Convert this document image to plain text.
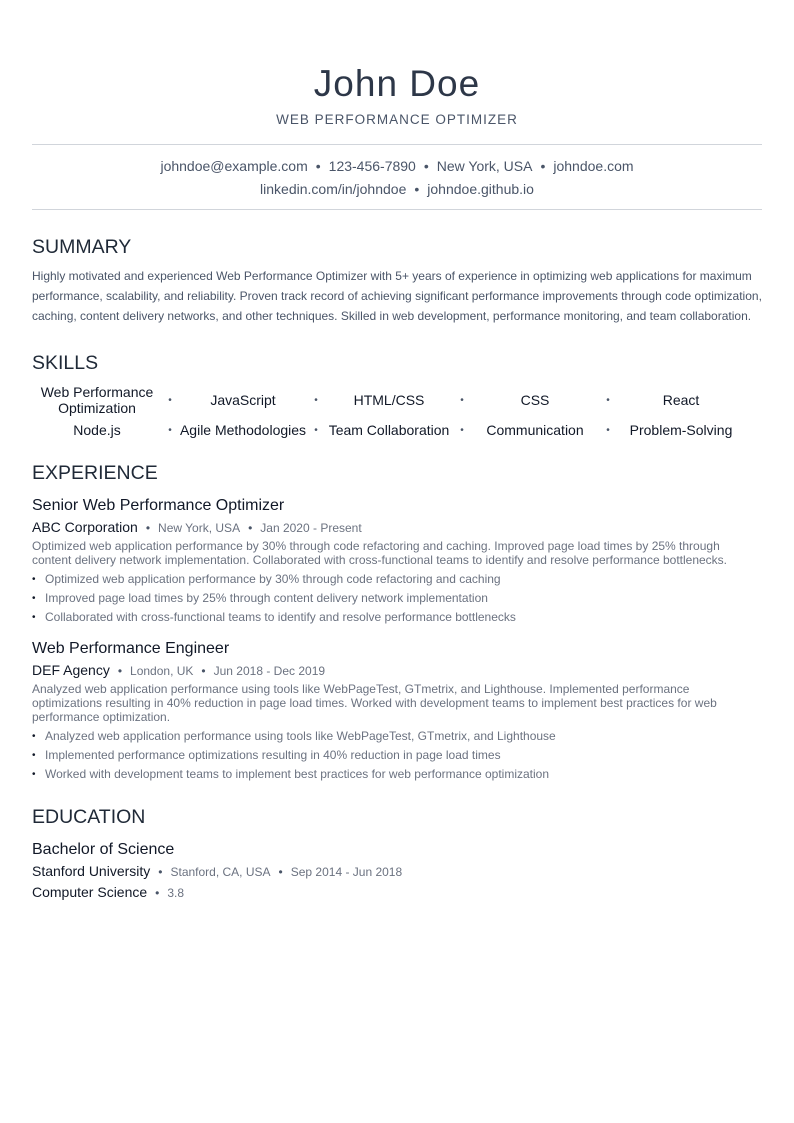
John Doe
WEB PERFORMANCE OPTIMIZER
johndoe@example.com • 123-456-7890 • New York, USA • johndoe.com
linkedin.com/in/johndoe • johndoe.github.io
SUMMARY
Highly motivated and experienced Web Performance Optimizer with 5+ years of experience in optimizing web applications for maximum performance, scalability, and reliability. Proven track record of achieving significant performance improvements through code optimization, caching, content delivery networks, and other techniques. Skilled in web development, performance monitoring, and team collaboration.
SKILLS
Web Performance Optimization	•	JavaScript	•	HTML/CSS	•	CSS	•	React
Node.js	• Agile Methodologies • Team Collaboration	•	Communication	•	Problem-Solving
EXPERIENCE
Senior Web Performance Optimizer
ABC Corporation • New York, USA • Jan 2020 - Present
Optimized web application performance by 30% through code refactoring and caching. Improved page load times by 25% through content delivery network implementation. Collaborated with cross-functional teams to identify and resolve performance bottlenecks.
• Optimized web application performance by 30% through code refactoring and caching
• Improved page load times by 25% through content delivery network implementation
• Collaborated with cross-functional teams to identify and resolve performance bottlenecks
Web Performance Engineer
DEF Agency • London, UK • Jun 2018 - Dec 2019
Analyzed web application performance using tools like WebPageTest, GTmetrix, and Lighthouse. Implemented performance optimizations resulting in 40% reduction in page load times. Worked with development teams to implement best practices for web performance optimization.
• Analyzed web application performance using tools like WebPageTest, GTmetrix, and Lighthouse
• Implemented performance optimizations resulting in 40% reduction in page load times
• Worked with development teams to implement best practices for web performance optimization
EDUCATION
Bachelor of Science
Stanford University • Stanford, CA, USA • Sep 2014 - Jun 2018
Computer Science • 3.8
